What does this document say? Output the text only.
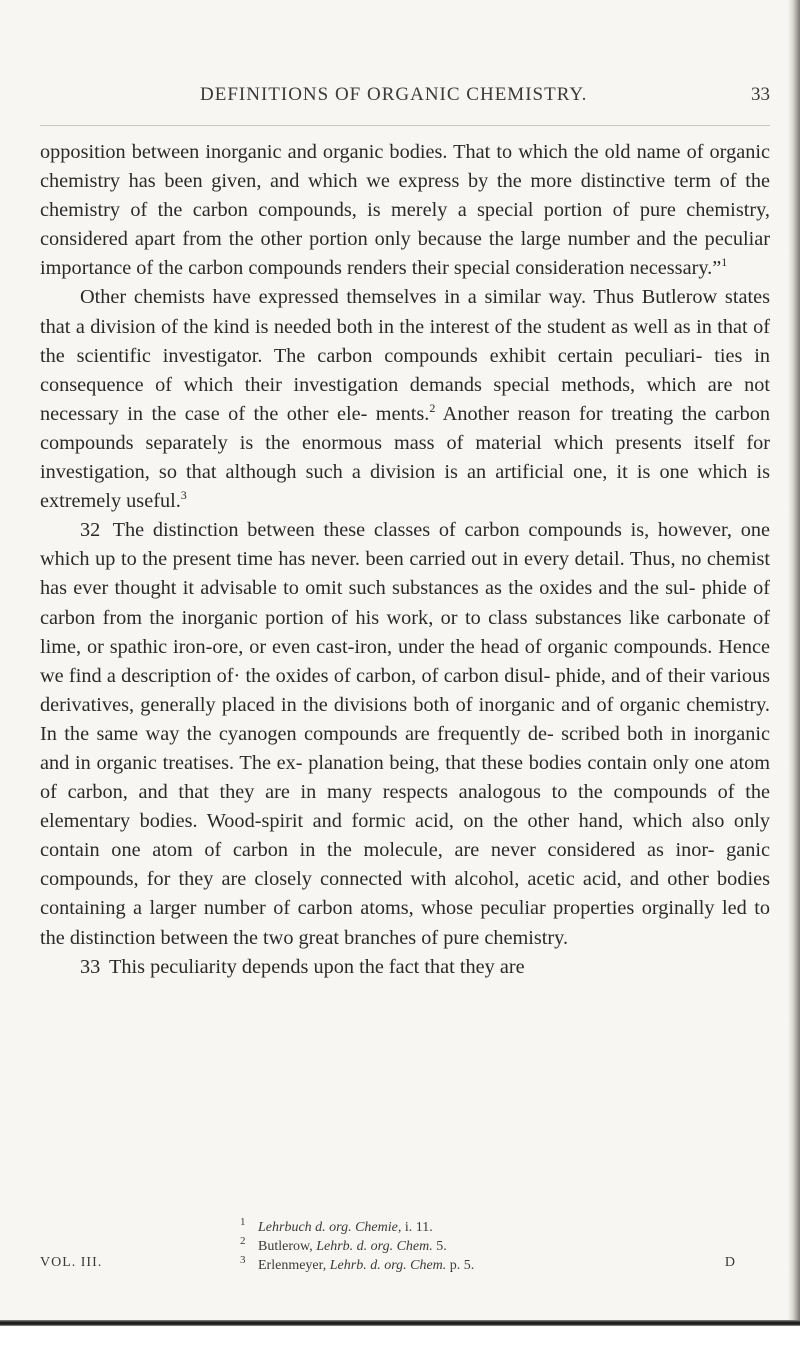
DEFINITIONS OF ORGANIC CHEMISTRY.	33

opposition between inorganic and organic bodies. That to which the old name of organic chemistry has been given, and which we express by the more distinctive term of the chemistry of the carbon compounds, is merely a special portion of pure chemistry, considered apart from the other portion only because the large number and the peculiar importance of the carbon compounds renders their special consideration necessary.”$^1$

Other chemists have expressed themselves in a similar way. Thus Butlerow states that a division of the kind is needed both in the interest of the student as well as in that of the scientific investigator. The carbon compounds exhibit certain peculiari- ties in consequence of which their investigation demands special methods, which are not necessary in the case of the other ele- ments.$^2$ Another reason for treating the carbon compounds separately is the enormous mass of material which presents itself for investigation, so that although such a division is an artificial one, it is one which is extremely useful.$^3$

32 The distinction between these classes of carbon compounds is, however, one which up to the present time has never. been carried out in every detail. Thus, no chemist has ever thought it advisable to omit such substances as the oxides and the sul- phide of carbon from the inorganic portion of his work, or to class substances like carbonate of lime, or spathic iron-ore, or even cast-iron, under the head of organic compounds. Hence we find a description of· the oxides of carbon, of carbon disul- phide, and of their various derivatives, generally placed in the divisions both of inorganic and of organic chemistry. In the same way the cyanogen compounds are frequently de- scribed both in inorganic and in organic treatises. The ex- planation being, that these bodies contain only one atom of carbon, and that they are in many respects analogous to the compounds of the elementary bodies. Wood-spirit and formic acid, on the other hand, which also only contain one atom of carbon in the molecule, are never considered as inor- ganic compounds, for they are closely connected with alcohol, acetic acid, and other bodies containing a larger number of carbon atoms, whose peculiar properties orginally led to the distinction between the two great branches of pure chemistry.

33 This peculiarity depends upon the fact that they are

1 Lehrbuch d. org. Chemie, i. 11.
2 Butlerow, Lehrb. d. org. Chem. 5.
3 Erlenmeyer, Lehrb. d. org. Chem. p. 5.
VOL. III.	D
